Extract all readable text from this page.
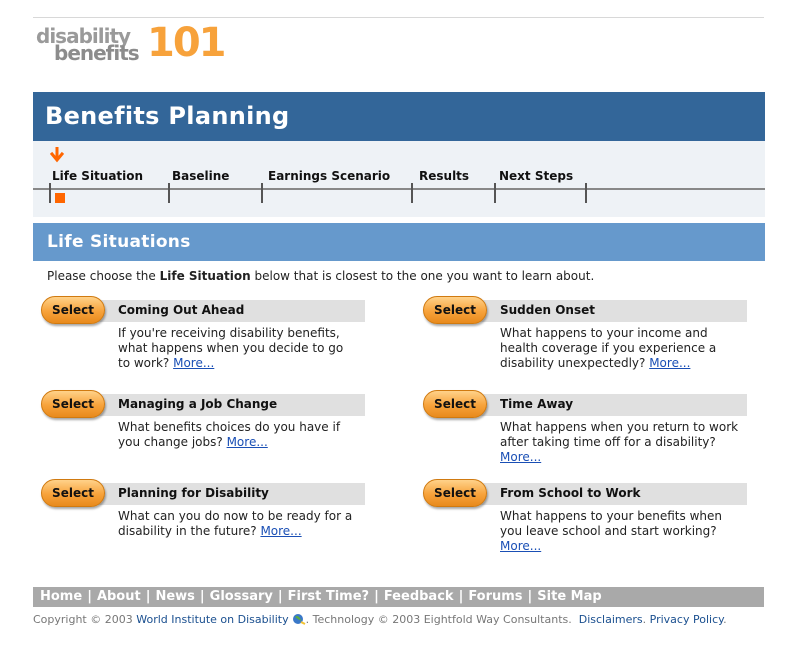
disability
benefits 101
Benefits Planning
Life Situation Baseline	Earnings Scenario Results Next Steps
Life Situations

Please choose the Life Situation below that is closest to the one you want to learn about.

Coming Out Ahead
Select

If you're receiving disability benefits, what happens when you decide to go to work? More...

Sudden Onset
Select

What happens to your income and health coverage if you experience a disability unexpectedly? More...

Managing a Job Change
Select

What benefits choices do you have if you change jobs? More...

Time Away
Select

What happens when you return to work after taking time off for a disability? More...

Planning for Disability
Select

What can you do now to be ready for a disability in the future? More...

From School to Work
Select

What happens to your benefits when you leave school and start working? More...

Home | About | News | Glossary | First Time? | Feedback | Forums | Site Map

Copyright © 2003 World Institute on Disability . Technology © 2003 Eightfold Way Consultants. Disclaimers. Privacy Policy.
